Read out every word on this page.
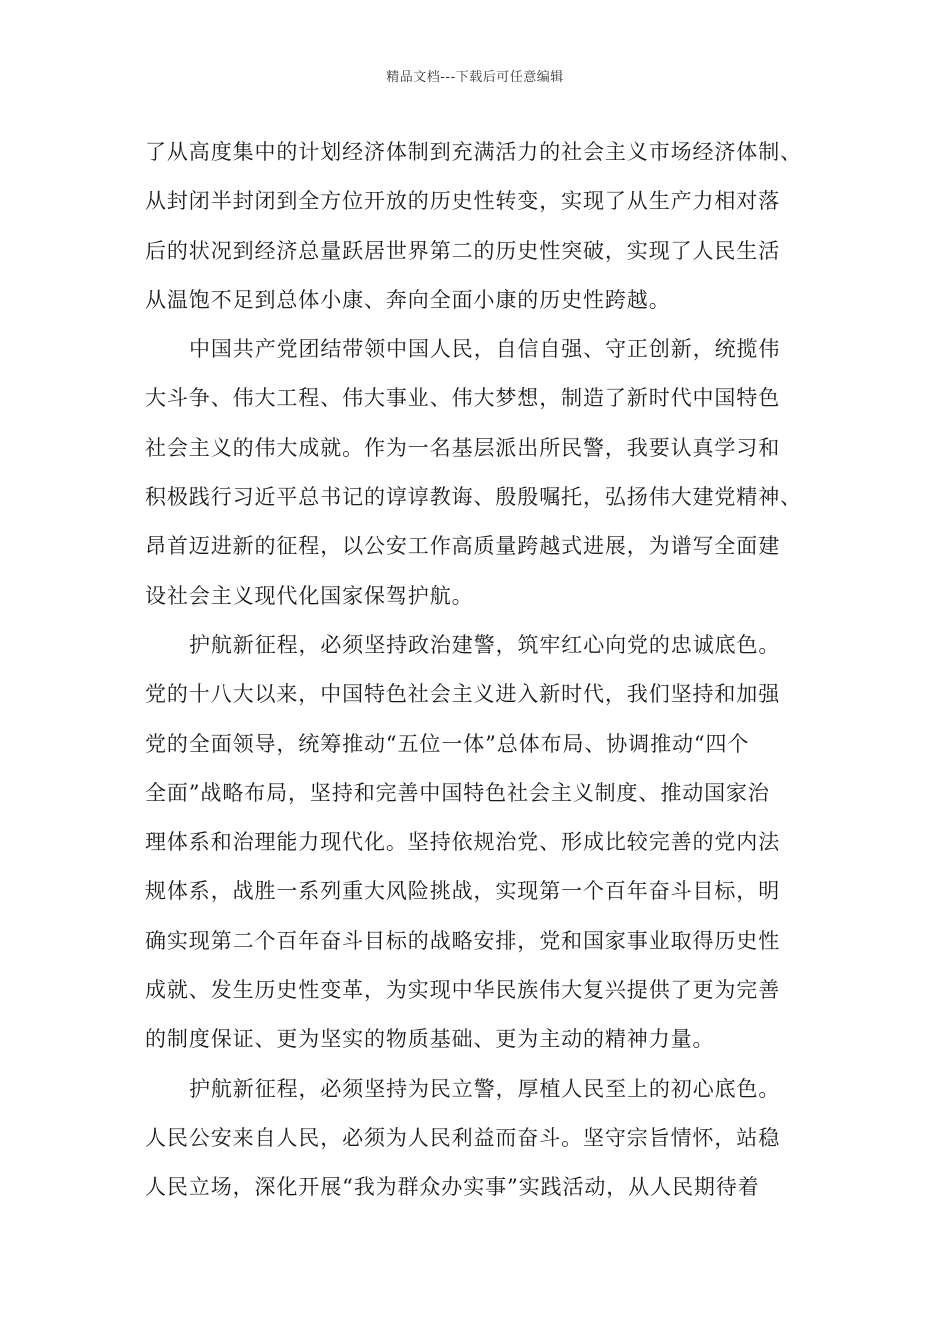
精品文档---下载后可任意编辑
了从高度集中的计划经济体制到充满活力的社会主义市场经济体制、
从封闭半封闭到全方位开放的历史性转变，实现了从生产力相对落
后的状况到经济总量跃居世界第二的历史性突破，实现了人民生活
从温饱不足到总体小康、奔向全面小康的历史性跨越。
中国共产党团结带领中国人民，自信自强、守正创新，统揽伟
大斗争、伟大工程、伟大事业、伟大梦想，制造了新时代中国特色
社会主义的伟大成就。作为一名基层派出所民警，我要认真学习和
积极践行习近平总书记的谆谆教诲、殷殷嘱托，弘扬伟大建党精神、
昂首迈进新的征程，以公安工作高质量跨越式进展，为谱写全面建
设社会主义现代化国家保驾护航。
护航新征程，必须坚持政治建警，筑牢红心向党的忠诚底色。
党的十八大以来，中国特色社会主义进入新时代，我们坚持和加强
党的全面领导，统筹推动“五位一体”总体布局、协调推动“四个
全面”战略布局，坚持和完善中国特色社会主义制度、推动国家治
理体系和治理能力现代化。坚持依规治党、形成比较完善的党内法
规体系，战胜一系列重大风险挑战，实现第一个百年奋斗目标，明
确实现第二个百年奋斗目标的战略安排，党和国家事业取得历史性
成就、发生历史性变革，为实现中华民族伟大复兴提供了更为完善
的制度保证、更为坚实的物质基础、更为主动的精神力量。
护航新征程，必须坚持为民立警，厚植人民至上的初心底色。
人民公安来自人民，必须为人民利益而奋斗。坚守宗旨情怀，站稳
人民立场，深化开展“我为群众办实事”实践活动，从人民期待着
